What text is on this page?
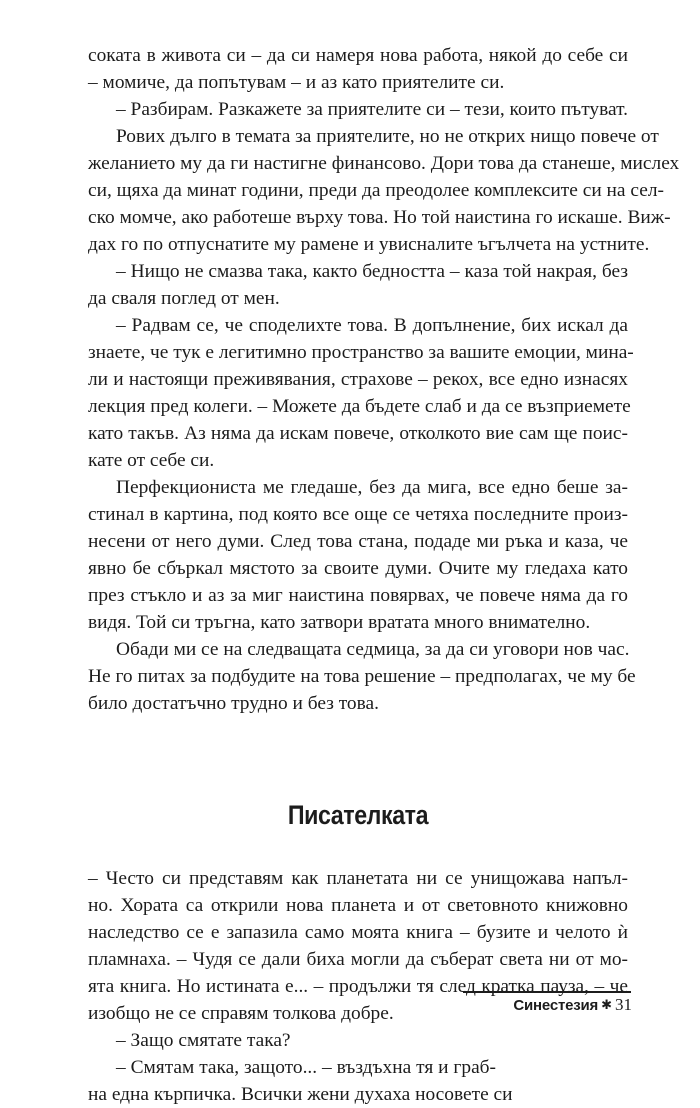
соката в живота си – да си намеря нова работа, някой до себе си
– момиче, да попътувам – и аз като приятелите си.
– Разбирам. Разкажете за приятелите си – тези, които пътуват.
Рових дълго в темата за приятелите, но не открих нищо повече от
желанието му да ги настигне финансово. Дори това да станеше, мислех
си, щяха да минат години, преди да преодолее комплексите си на сел-
ско момче, ако работеше върху това. Но той наистина го искаше. Виж-
дах го по отпуснатите му рамене и увисналите ъгълчета на устните.
– Нищо не смазва така, както бедността – каза той накрая, без
да сваля поглед от мен.
– Радвам се, че споделихте това. В допълнение, бих искал да
знаете, че тук е легитимно пространство за вашите емоции, мина-
ли и настоящи преживявания, страхове – рекох, все едно изнасях
лекция пред колеги. – Можете да бъдете слаб и да се възприемете
като такъв. Аз няма да искам повече, отколкото вие сам ще поис-
кате от себе си.
Перфекциониста ме гледаше, без да мига, все едно беше за-
стинал в картина, под която все още се четяха последните произ-
несени от него думи. След това стана, подаде ми ръка и каза, че
явно бе сбъркал мястото за своите думи. Очите му гледаха като
през стъкло и аз за миг наистина повярвах, че повече няма да го
видя. Той си тръгна, като затвори вратата много внимателно.
Обади ми се на следващата седмица, за да си уговори нов час.
Не го питах за подбудите на това решение – предполагах, че му бе
било достатъчно трудно и без това.
Писателката
– Често си представям как планетата ни се унищожава напъл-
но. Хората са открили нова планета и от световното книжовно
наследство се е запазила само моята книга – бузите и челото ѝ
пламнаха. – Чудя се дали биха могли да съберат света ни от мо-
ята книга. Но истината е... – продължи тя след кратка пауза, – че
изобщо не се справям толкова добре.
– Защо смятате така?
– Смятам така, защото... – въздъхна тя и граб-
на една кърпичка. Всички жени духаха носовете си
Синестезия ✱ 31
